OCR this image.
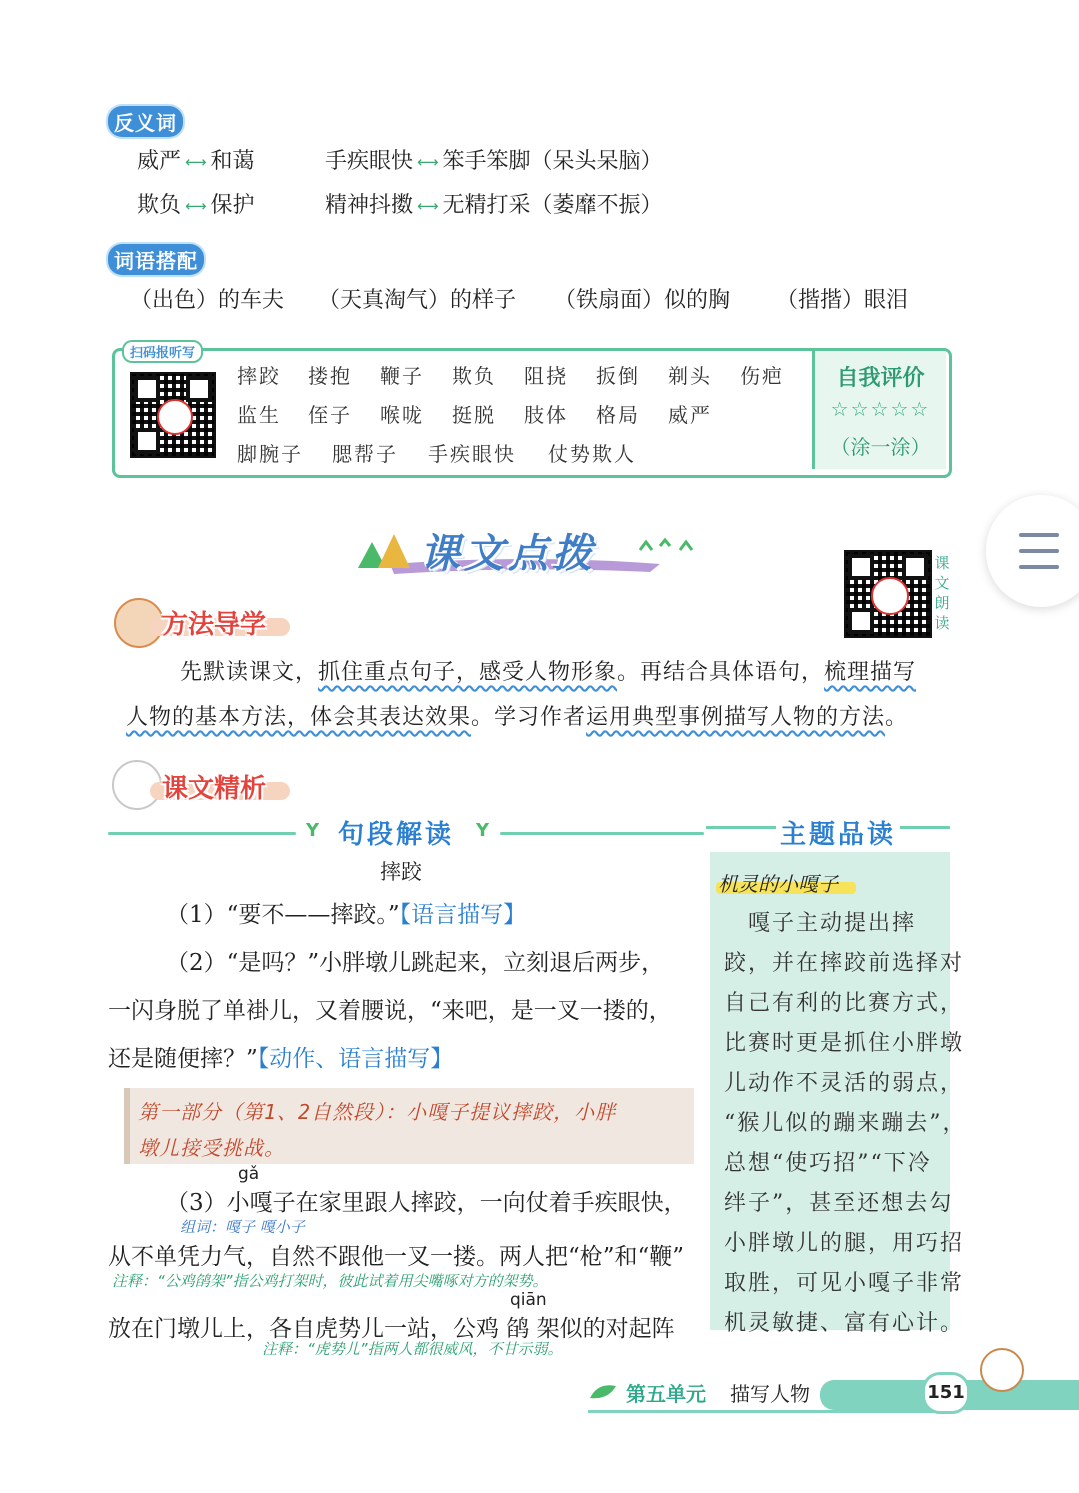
反义词
威严 ⟷ 和蔼	手疾眼快 ⟷ 笨手笨脚（呆头呆脑）
欺负 ⟷ 保护	精神抖擞 ⟷ 无精打采（萎靡不振）
词语搭配
（出色）的车夫 （天真淘气）的样子 （铁扇面）似的胸 （揩揩）眼泪
扫码报听写
摔跤 搂抱 鞭子 欺负 阻挠 扳倒 剃头 伤疤
监生 侄子 喉咙 挺脱 肢体 格局 威严
脚腕子 腮帮子 手疾眼快 仗势欺人
自我评价
☆☆☆☆☆
（涂一涂）
课文点拨	课
文
朗
读
方法导学
先默读课文，抓住重点句子，感受人物形象。再结合具体语句，梳理描写
人物的基本方法，体会其表达效果。学习作者运用典型事例描写人物的方法。
课文精析
Y 句段解读 Y
摔跤
（1）“要不——摔跤。”【语言描写】
（2）“是吗？”小胖墩儿跳起来，立刻退后两步，
一闪身脱了单褂儿，又着腰说，“来吧，是一叉一搂的，
还是随便摔？”【动作、语言描写】
第一部分（第1、2自然段）：小嘎子提议摔跤，小胖
墩儿接受挑战。
gǎ
（3）小嘎子在家里跟人摔跤，一向仗着手疾眼快，
组词：嘎子 嘎小子
从不单凭力气，自然不跟他一叉一搂。两人把“枪”和“鞭”
注释：“公鸡鹐架”指公鸡打架时，彼此试着用尖嘴啄对方的架势。
qiān
放在门墩儿上，各自虎势儿一站，公鸡 鹐 架似的对起阵
注释：“虎势儿”指两人都很威风，不甘示弱。
主题品读
机灵的小嘎子
　嘎子主动提出摔
跤，并在摔跤前选择对
自己有利的比赛方式，
比赛时更是抓住小胖墩
儿动作不灵活的弱点，
“猴儿似的蹦来蹦去”，
总想“使巧招”“下冷
绊子”，甚至还想去勾
小胖墩儿的腿，用巧招
取胜，可见小嘎子非常
机灵敏捷、富有心计。
第五单元 描写人物	151
